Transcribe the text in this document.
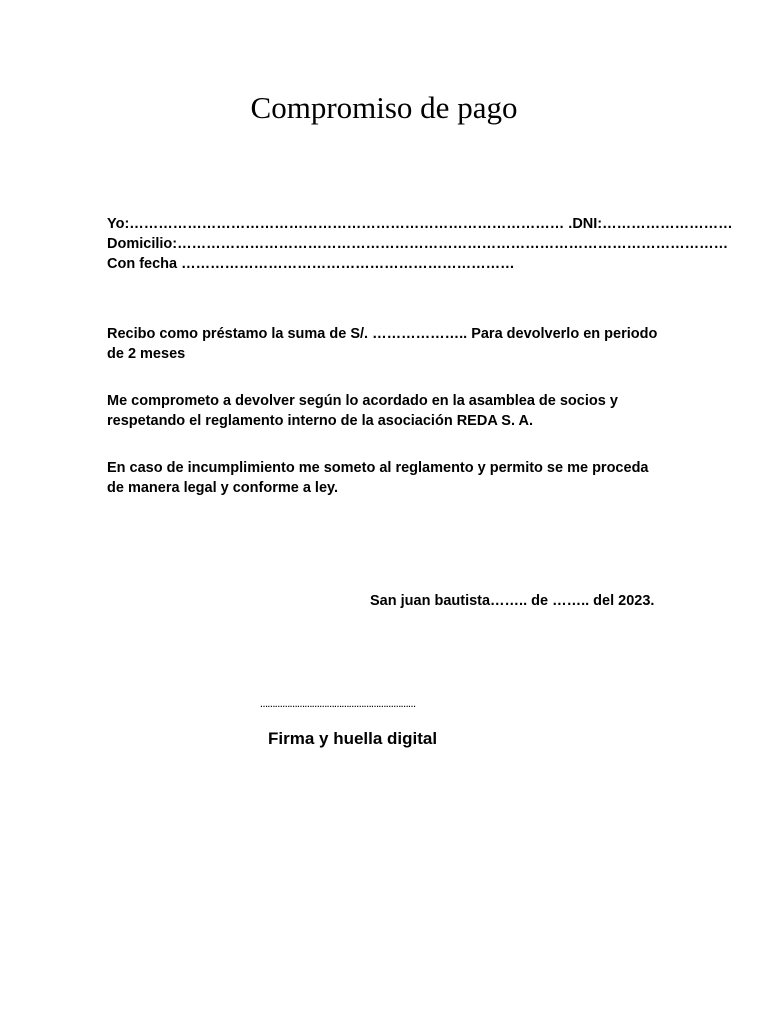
Compromiso de pago
Yo:……………………………………………………………………………… .DNI:………………………
Domicilio:……………………………………………………………………………………………………
Con fecha ……………………………………………………………

Recibo como préstamo la suma de S/. ……………….. Para devolverlo en periodo de 2 meses

Me comprometo a devolver según lo acordado en la asamblea de socios y respetando el reglamento interno de la asociación REDA S. A.

En caso de incumplimiento me someto al reglamento y permito se me proceda de manera legal y conforme a ley.

San juan bautista…….. de …….. del 2023.
………………………………………………………
Firma y huella digital
